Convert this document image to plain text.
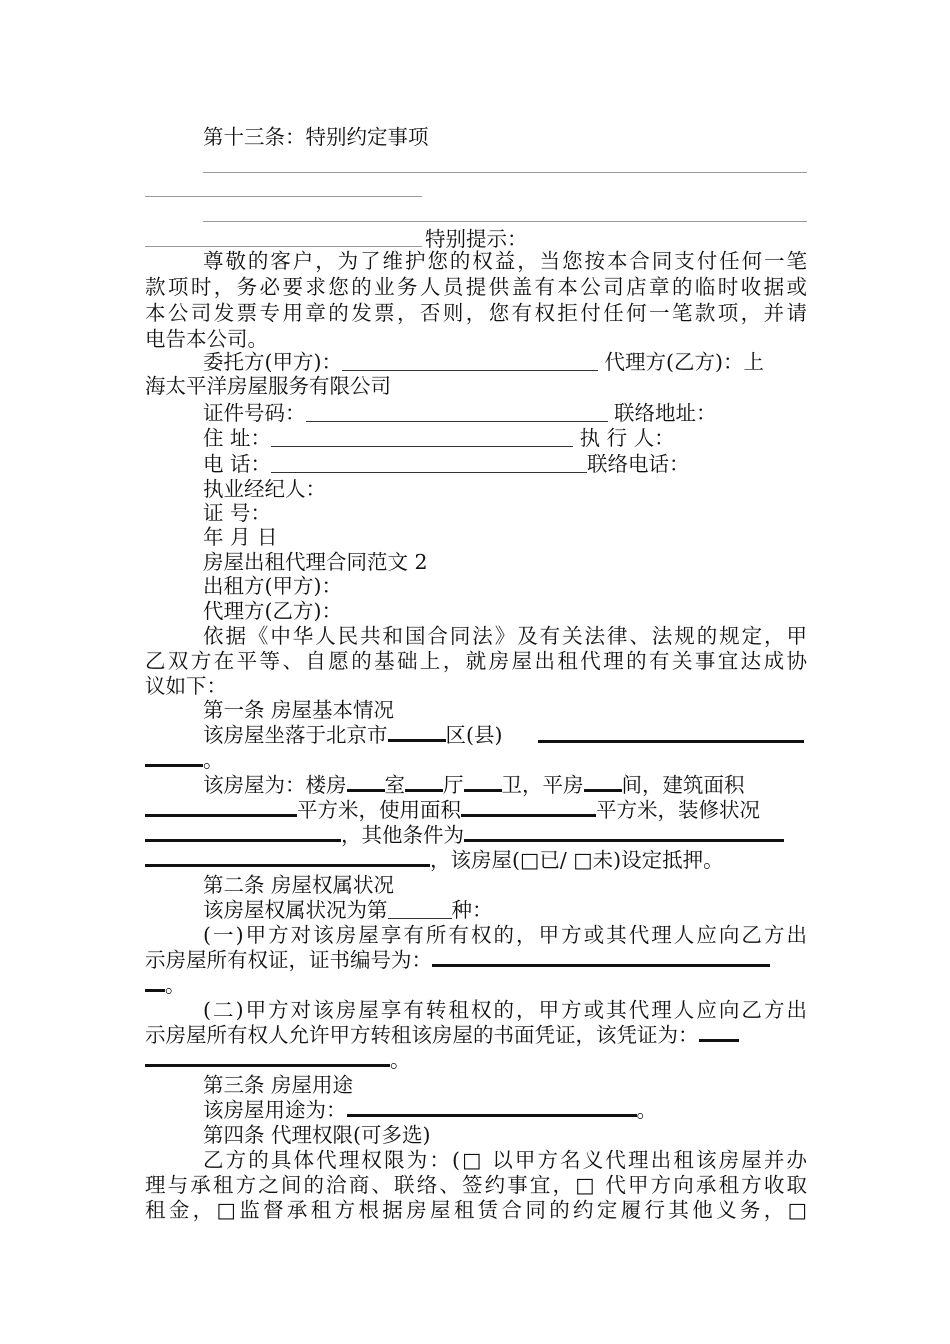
第十三条：特别约定事项
特别提示：
尊敬的客户，为了维护您的权益，当您按本合同支付任何一笔
款项时，务必要求您的业务人员提供盖有本公司店章的临时收据或
本公司发票专用章的发票，否则，您有权拒付任何一笔款项，并请
电告本公司。
委托方(甲方)：	代理方(乙方)：上
海太平洋房屋服务有限公司
证件号码：	联络地址：
住 址：	执 行 人：
电 话：	联络电话：
执业经纪人：
证 号：
年 月 日
房屋出租代理合同范文 2
出租方(甲方)：
代理方(乙方)：
依据《中华人民共和国合同法》及有关法律、法规的规定，甲
乙双方在平等、自愿的基础上，就房屋出租代理的有关事宜达成协
议如下：
第一条 房屋基本情况
该房屋坐落于北京市	区(县)
。
该房屋为：楼房 室 厅 卫，平房 间，建筑面积
平方米，使用面积	平方米，装修状况
，其他条件为
，该房屋(□已/ □未)设定抵押。
第二条 房屋权属状况
该房屋权属状况为第	种：
(一)甲方对该房屋享有所有权的，甲方或其代理人应向乙方出
示房屋所有权证，证书编号为：
。
(二)甲方对该房屋享有转租权的，甲方或其代理人应向乙方出
示房屋所有权人允许甲方转租该房屋的书面凭证，该凭证为：
。
第三条 房屋用途
该房屋用途为：	。
第四条 代理权限(可多选)
乙方的具体代理权限为：(□ 以甲方名义代理出租该房屋并办
理与承租方之间的洽商、联络、签约事宜，□ 代甲方向承租方收取
租金，□监督承租方根据房屋租赁合同的约定履行其他义务，□
